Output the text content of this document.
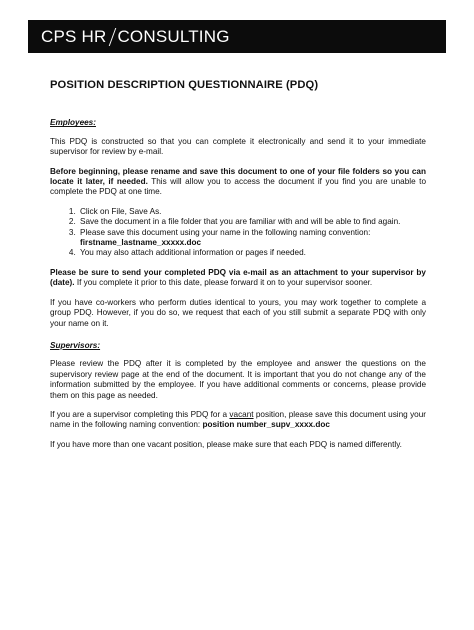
CPS HR CONSULTING
POSITION DESCRIPTION QUESTIONNAIRE (PDQ)
Employees:

This PDQ is constructed so that you can complete it electronically and send it to your immediate supervisor for review by e-mail.

Before beginning, please rename and save this document to one of your file folders so you can locate it later, if needed. This will allow you to access the document if you find you are unable to complete the PDQ at one time.

1. Click on File, Save As.
2. Save the document in a file folder that you are familiar with and will be able to find again.
3. Please save this document using your name in the following naming convention:
firstname_lastname_xxxxx.doc
4. You may also attach additional information or pages if needed.

Please be sure to send your completed PDQ via e-mail as an attachment to your supervisor by (date). If you complete it prior to this date, please forward it on to your supervisor sooner.

If you have co-workers who perform duties identical to yours, you may work together to complete a group PDQ. However, if you do so, we request that each of you still submit a separate PDQ with only your name on it.

Supervisors:

Please review the PDQ after it is completed by the employee and answer the questions on the supervisory review page at the end of the document. It is important that you do not change any of the information submitted by the employee. If you have additional comments or concerns, please provide them on this page as needed.

If you are a supervisor completing this PDQ for a vacant position, please save this document using your name in the following naming convention: position number_supv_xxxx.doc

If you have more than one vacant position, please make sure that each PDQ is named differently.
